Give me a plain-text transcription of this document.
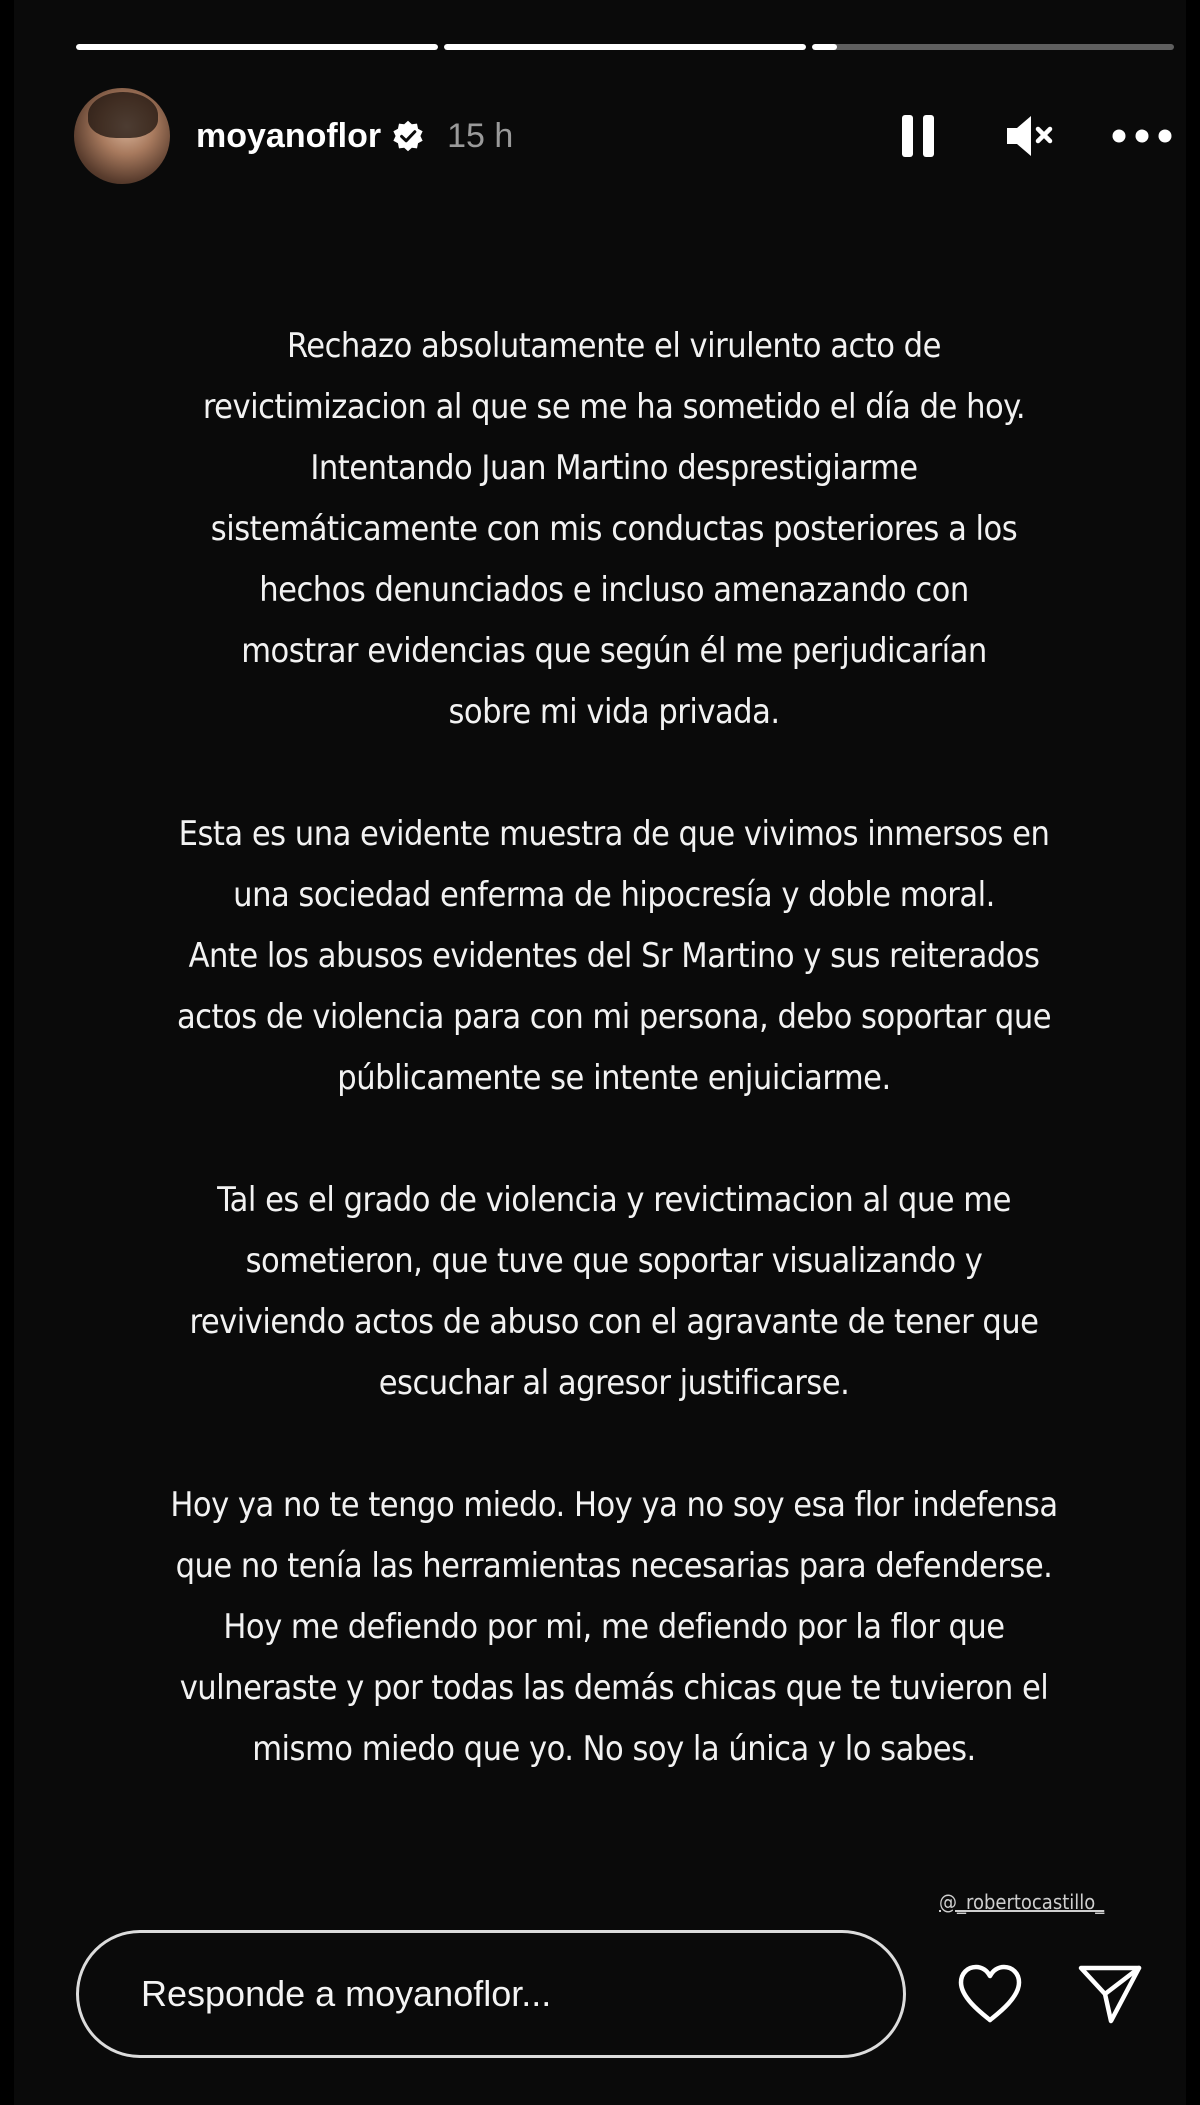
moyanoflor 15 h

Rechazo absolutamente el virulento acto de
revictimizacion al que se me ha sometido el día de hoy.
Intentando Juan Martino desprestigiarme
sistemáticamente con mis conductas posteriores a los
hechos denunciados e incluso amenazando con
mostrar evidencias que según él me perjudicarían
sobre mi vida privada.

Esta es una evidente muestra de que vivimos inmersos en
una sociedad enferma de hipocresía y doble moral.
Ante los abusos evidentes del Sr Martino y sus reiterados
actos de violencia para con mi persona, debo soportar que
públicamente se intente enjuiciarme.

Tal es el grado de violencia y revictimacion al que me
sometieron, que tuve que soportar visualizando y
reviviendo actos de abuso con el agravante de tener que
escuchar al agresor justificarse.

Hoy ya no te tengo miedo. Hoy ya no soy esa flor indefensa
que no tenía las herramientas necesarias para defenderse.
Hoy me defiendo por mi, me defiendo por la flor que
vulneraste y por todas las demás chicas que te tuvieron el
mismo miedo que yo. No soy la única y lo sabes.

@_robertocastillo_
Responde a moyanoflor...
